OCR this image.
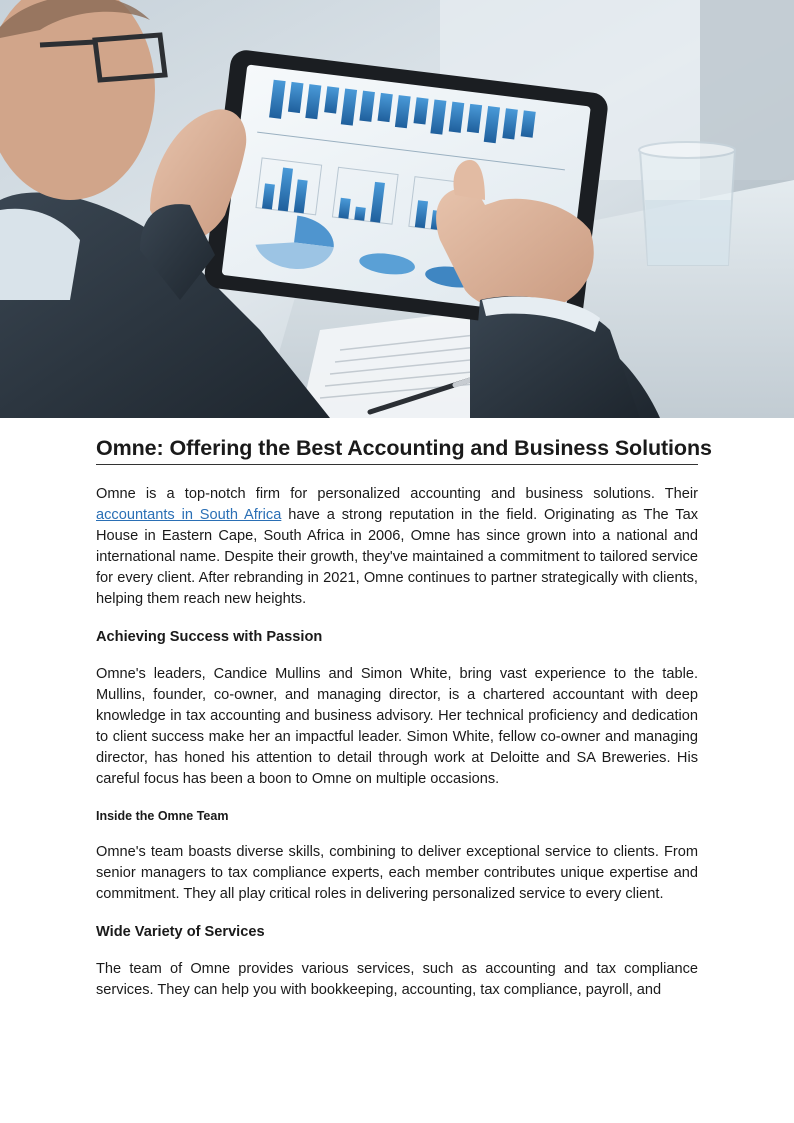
Omne: Offering the Best Accounting and Business Solutions

Omne is a top-notch firm for personalized accounting and business solutions. Their accountants in South Africa have a strong reputation in the field. Originating as The Tax House in Eastern Cape, South Africa in 2006, Omne has since grown into a national and international name. Despite their growth, they've maintained a commitment to tailored service for every client. After rebranding in 2021, Omne continues to partner strategically with clients, helping them reach new heights.

Achieving Success with Passion

Omne's leaders, Candice Mullins and Simon White, bring vast experience to the table. Mullins, founder, co-owner, and managing director, is a chartered accountant with deep knowledge in tax accounting and business advisory. Her technical proficiency and dedication to client success make her an impactful leader. Simon White, fellow co-owner and managing director, has honed his attention to detail through work at Deloitte and SA Breweries. His careful focus has been a boon to Omne on multiple occasions.

Inside the Omne Team

Omne's team boasts diverse skills, combining to deliver exceptional service to clients. From senior managers to tax compliance experts, each member contributes unique expertise and commitment. They all play critical roles in delivering personalized service to every client.

Wide Variety of Services

The team of Omne provides various services, such as accounting and tax compliance services. They can help you with bookkeeping, accounting, tax compliance, payroll, and
